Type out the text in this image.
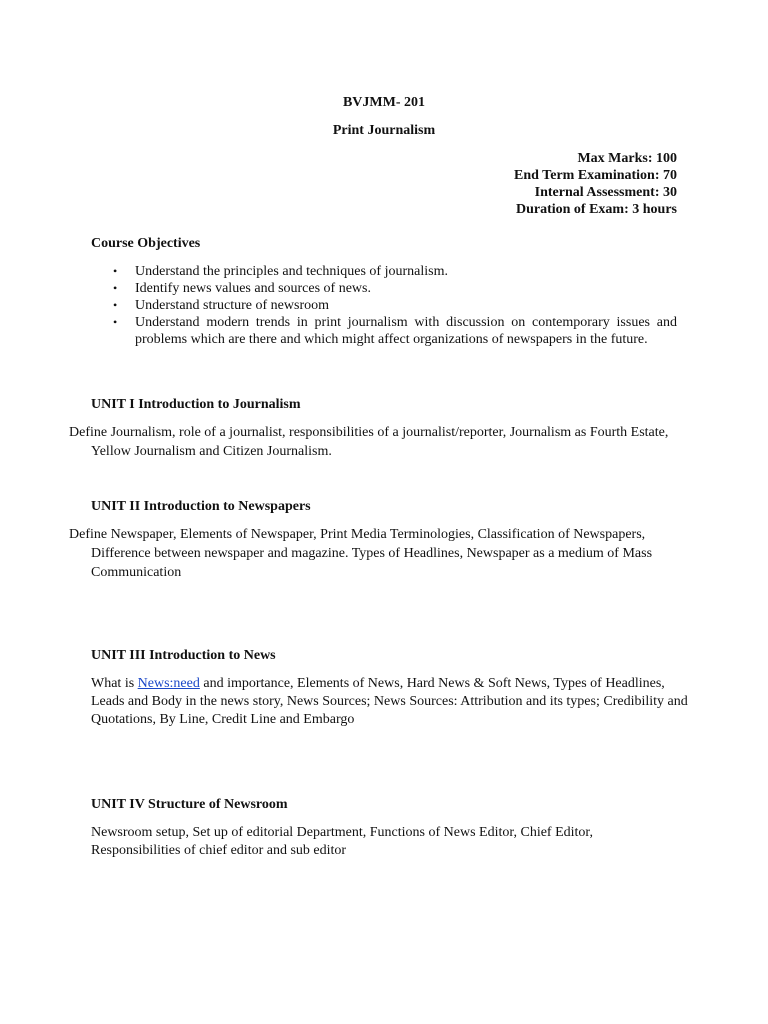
BVJMM- 201
Print Journalism
Max Marks: 100
End Term Examination: 70
Internal Assessment: 30
Duration of Exam: 3 hours
Course Objectives
• Understand the principles and techniques of journalism.
• Identify news values and sources of news.
• Understand structure of newsroom
• Understand modern trends in print journalism with discussion on contemporary issues and problems which are there and which might affect organizations of newspapers in the future.
UNIT I Introduction to Journalism
Define Journalism, role of a journalist, responsibilities of a journalist/reporter, Journalism as Fourth Estate, Yellow Journalism and Citizen Journalism.
UNIT II Introduction to Newspapers
Define Newspaper, Elements of Newspaper, Print Media Terminologies, Classification of Newspapers, Difference between newspaper and magazine. Types of Headlines, Newspaper as a medium of Mass Communication
UNIT III Introduction to News
What is News:need and importance, Elements of News, Hard News & Soft News, Types of Headlines, Leads and Body in the news story, News Sources; News Sources: Attribution and its types; Credibility and Quotations, By Line, Credit Line and Embargo
UNIT IV Structure of Newsroom
Newsroom setup, Set up of editorial Department, Functions of News Editor, Chief Editor, Responsibilities of chief editor and sub editor
